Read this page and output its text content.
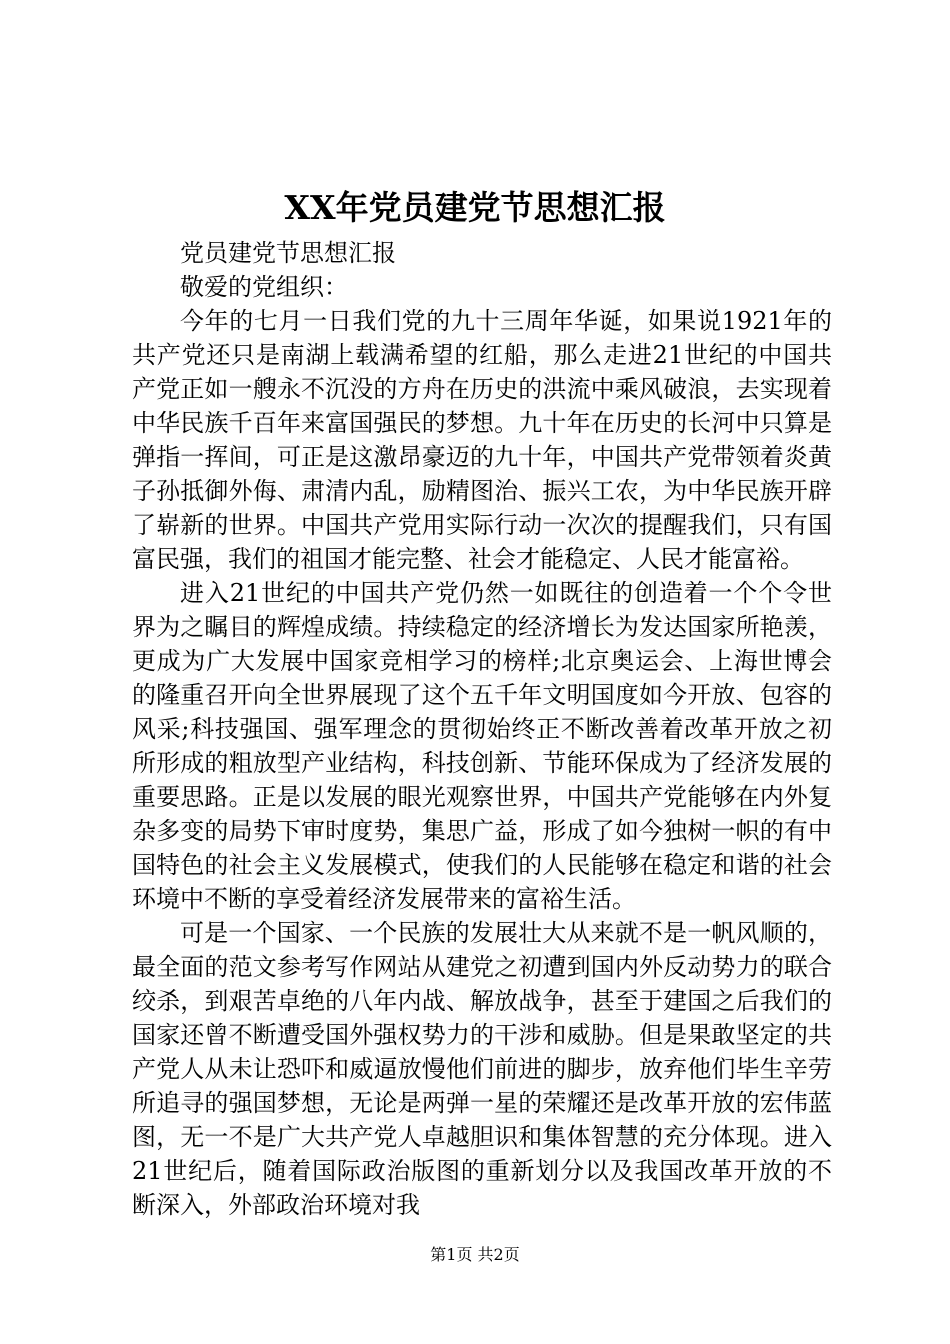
XX年党员建党节思想汇报

党员建党节思想汇报

敬爱的党组织：

今年的七月一日我们党的九十三周年华诞，如果说1921年的共产党还只是南湖上载满希望的红船，那么走进21世纪的中国共产党正如一艘永不沉没的方舟在历史的洪流中乘风破浪，去实现着中华民族千百年来富国强民的梦想。九十年在历史的长河中只算是弹指一挥间，可正是这激昂豪迈的九十年，中国共产党带领着炎黄子孙抵御外侮、肃清内乱，励精图治、振兴工农，为中华民族开辟了崭新的世界。中国共产党用实际行动一次次的提醒我们，只有国富民强，我们的祖国才能完整、社会才能稳定、人民才能富裕。

进入21世纪的中国共产党仍然一如既往的创造着一个个令世界为之瞩目的辉煌成绩。持续稳定的经济增长为发达国家所艳羡，更成为广大发展中国家竞相学习的榜样;北京奥运会、上海世博会的隆重召开向全世界展现了这个五千年文明国度如今开放、包容的风采;科技强国、强军理念的贯彻始终正不断改善着改革开放之初所形成的粗放型产业结构，科技创新、节能环保成为了经济发展的重要思路。正是以发展的眼光观察世界，中国共产党能够在内外复杂多变的局势下审时度势，集思广益，形成了如今独树一帜的有中国特色的社会主义发展模式，使我们的人民能够在稳定和谐的社会环境中不断的享受着经济发展带来的富裕生活。

可是一个国家、一个民族的发展壮大从来就不是一帆风顺的，最全面的范文参考写作网站从建党之初遭到国内外反动势力的联合绞杀，到艰苦卓绝的八年内战、解放战争，甚至于建国之后我们的国家还曾不断遭受国外强权势力的干涉和威胁。但是果敢坚定的共产党人从未让恐吓和威逼放慢他们前进的脚步，放弃他们毕生辛劳所追寻的强国梦想，无论是两弹一星的荣耀还是改革开放的宏伟蓝图，无一不是广大共产党人卓越胆识和集体智慧的充分体现。进入21世纪后，随着国际政治版图的重新划分以及我国改革开放的不断深入，外部政治环境对我

第1页 共2页
